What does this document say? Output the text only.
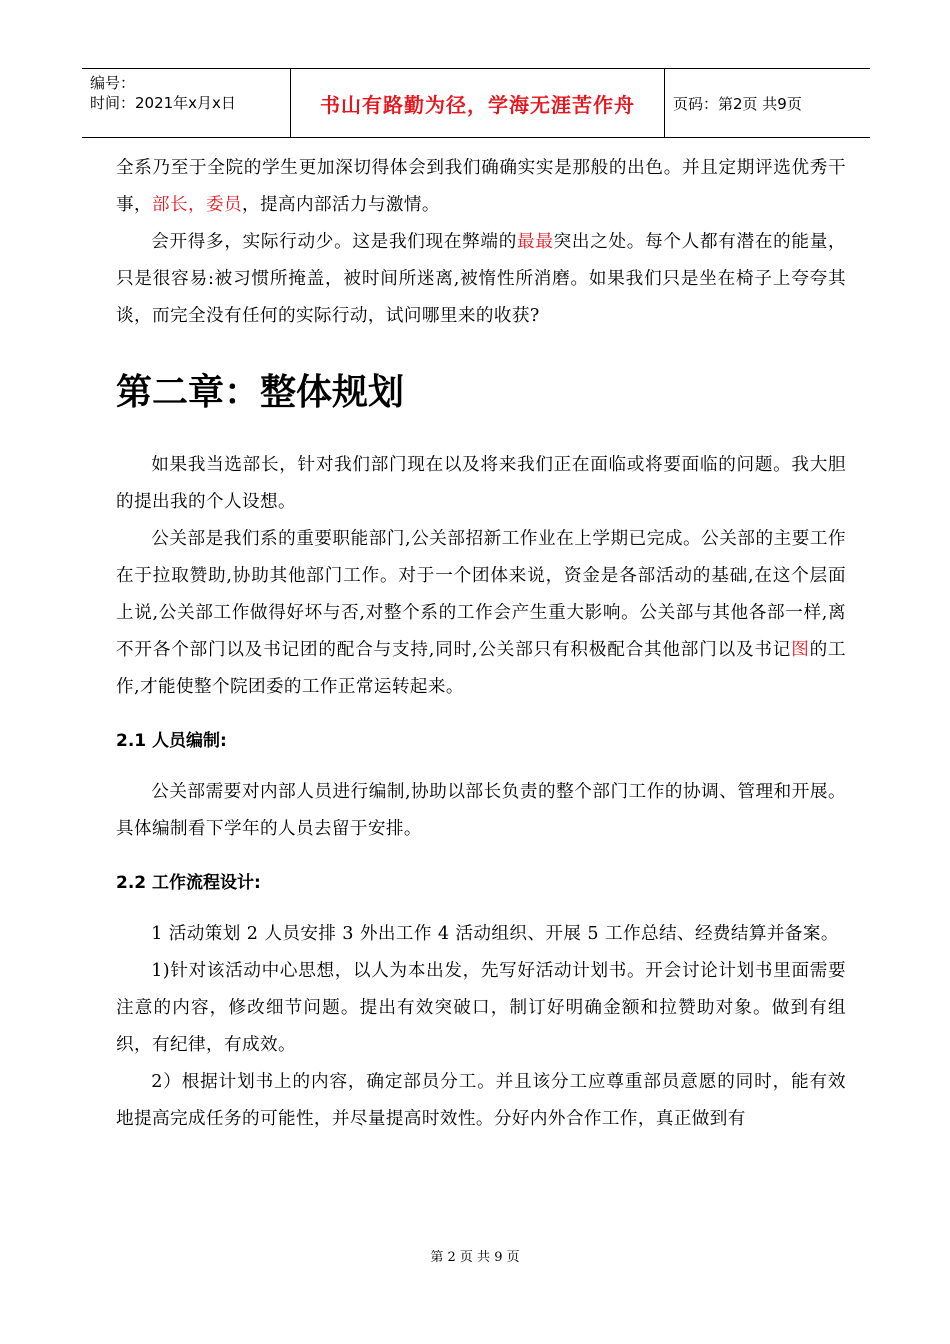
编号：
时间：2021年x月x日	书山有路勤为径，学海无涯苦作舟	页码：第2页 共9页

全系乃至于全院的学生更加深切得体会到我们确确实实是那般的出色。并且定期评选优秀干事，部长，委员，提高内部活力与激情。

会开得多，实际行动少。这是我们现在弊端的最最突出之处。每个人都有潜在的能量，只是很容易:被习惯所掩盖，被时间所迷离,被惰性所消磨。如果我们只是坐在椅子上夸夸其谈，而完全没有任何的实际行动，试问哪里来的收获?

第二章：整体规划

如果我当选部长，针对我们部门现在以及将来我们正在面临或将要面临的问题。我大胆的提出我的个人设想。

公关部是我们系的重要职能部门,公关部招新工作业在上学期已完成。公关部的主要工作在于拉取赞助,协助其他部门工作。对于一个团体来说，资金是各部活动的基础,在这个层面上说,公关部工作做得好坏与否,对整个系的工作会产生重大影响。公关部与其他各部一样,离不开各个部门以及书记团的配合与支持,同时,公关部只有积极配合其他部门以及书记图的工作,才能使整个院团委的工作正常运转起来。

2.1 人员编制:

公关部需要对内部人员进行编制,协助以部长负责的整个部门工作的协调、管理和开展。具体编制看下学年的人员去留于安排。

2.2 工作流程设计:

1 活动策划 2 人员安排 3 外出工作 4 活动组织、开展 5 工作总结、经费结算并备案。

1)针对该活动中心思想，以人为本出发，先写好活动计划书。开会讨论计划书里面需要注意的内容，修改细节问题。提出有效突破口，制订好明确金额和拉赞助对象。做到有组织，有纪律，有成效。

2）根据计划书上的内容，确定部员分工。并且该分工应尊重部员意愿的同时，能有效地提高完成任务的可能性，并尽量提高时效性。分好内外合作工作，真正做到有

第 2 页 共 9 页
